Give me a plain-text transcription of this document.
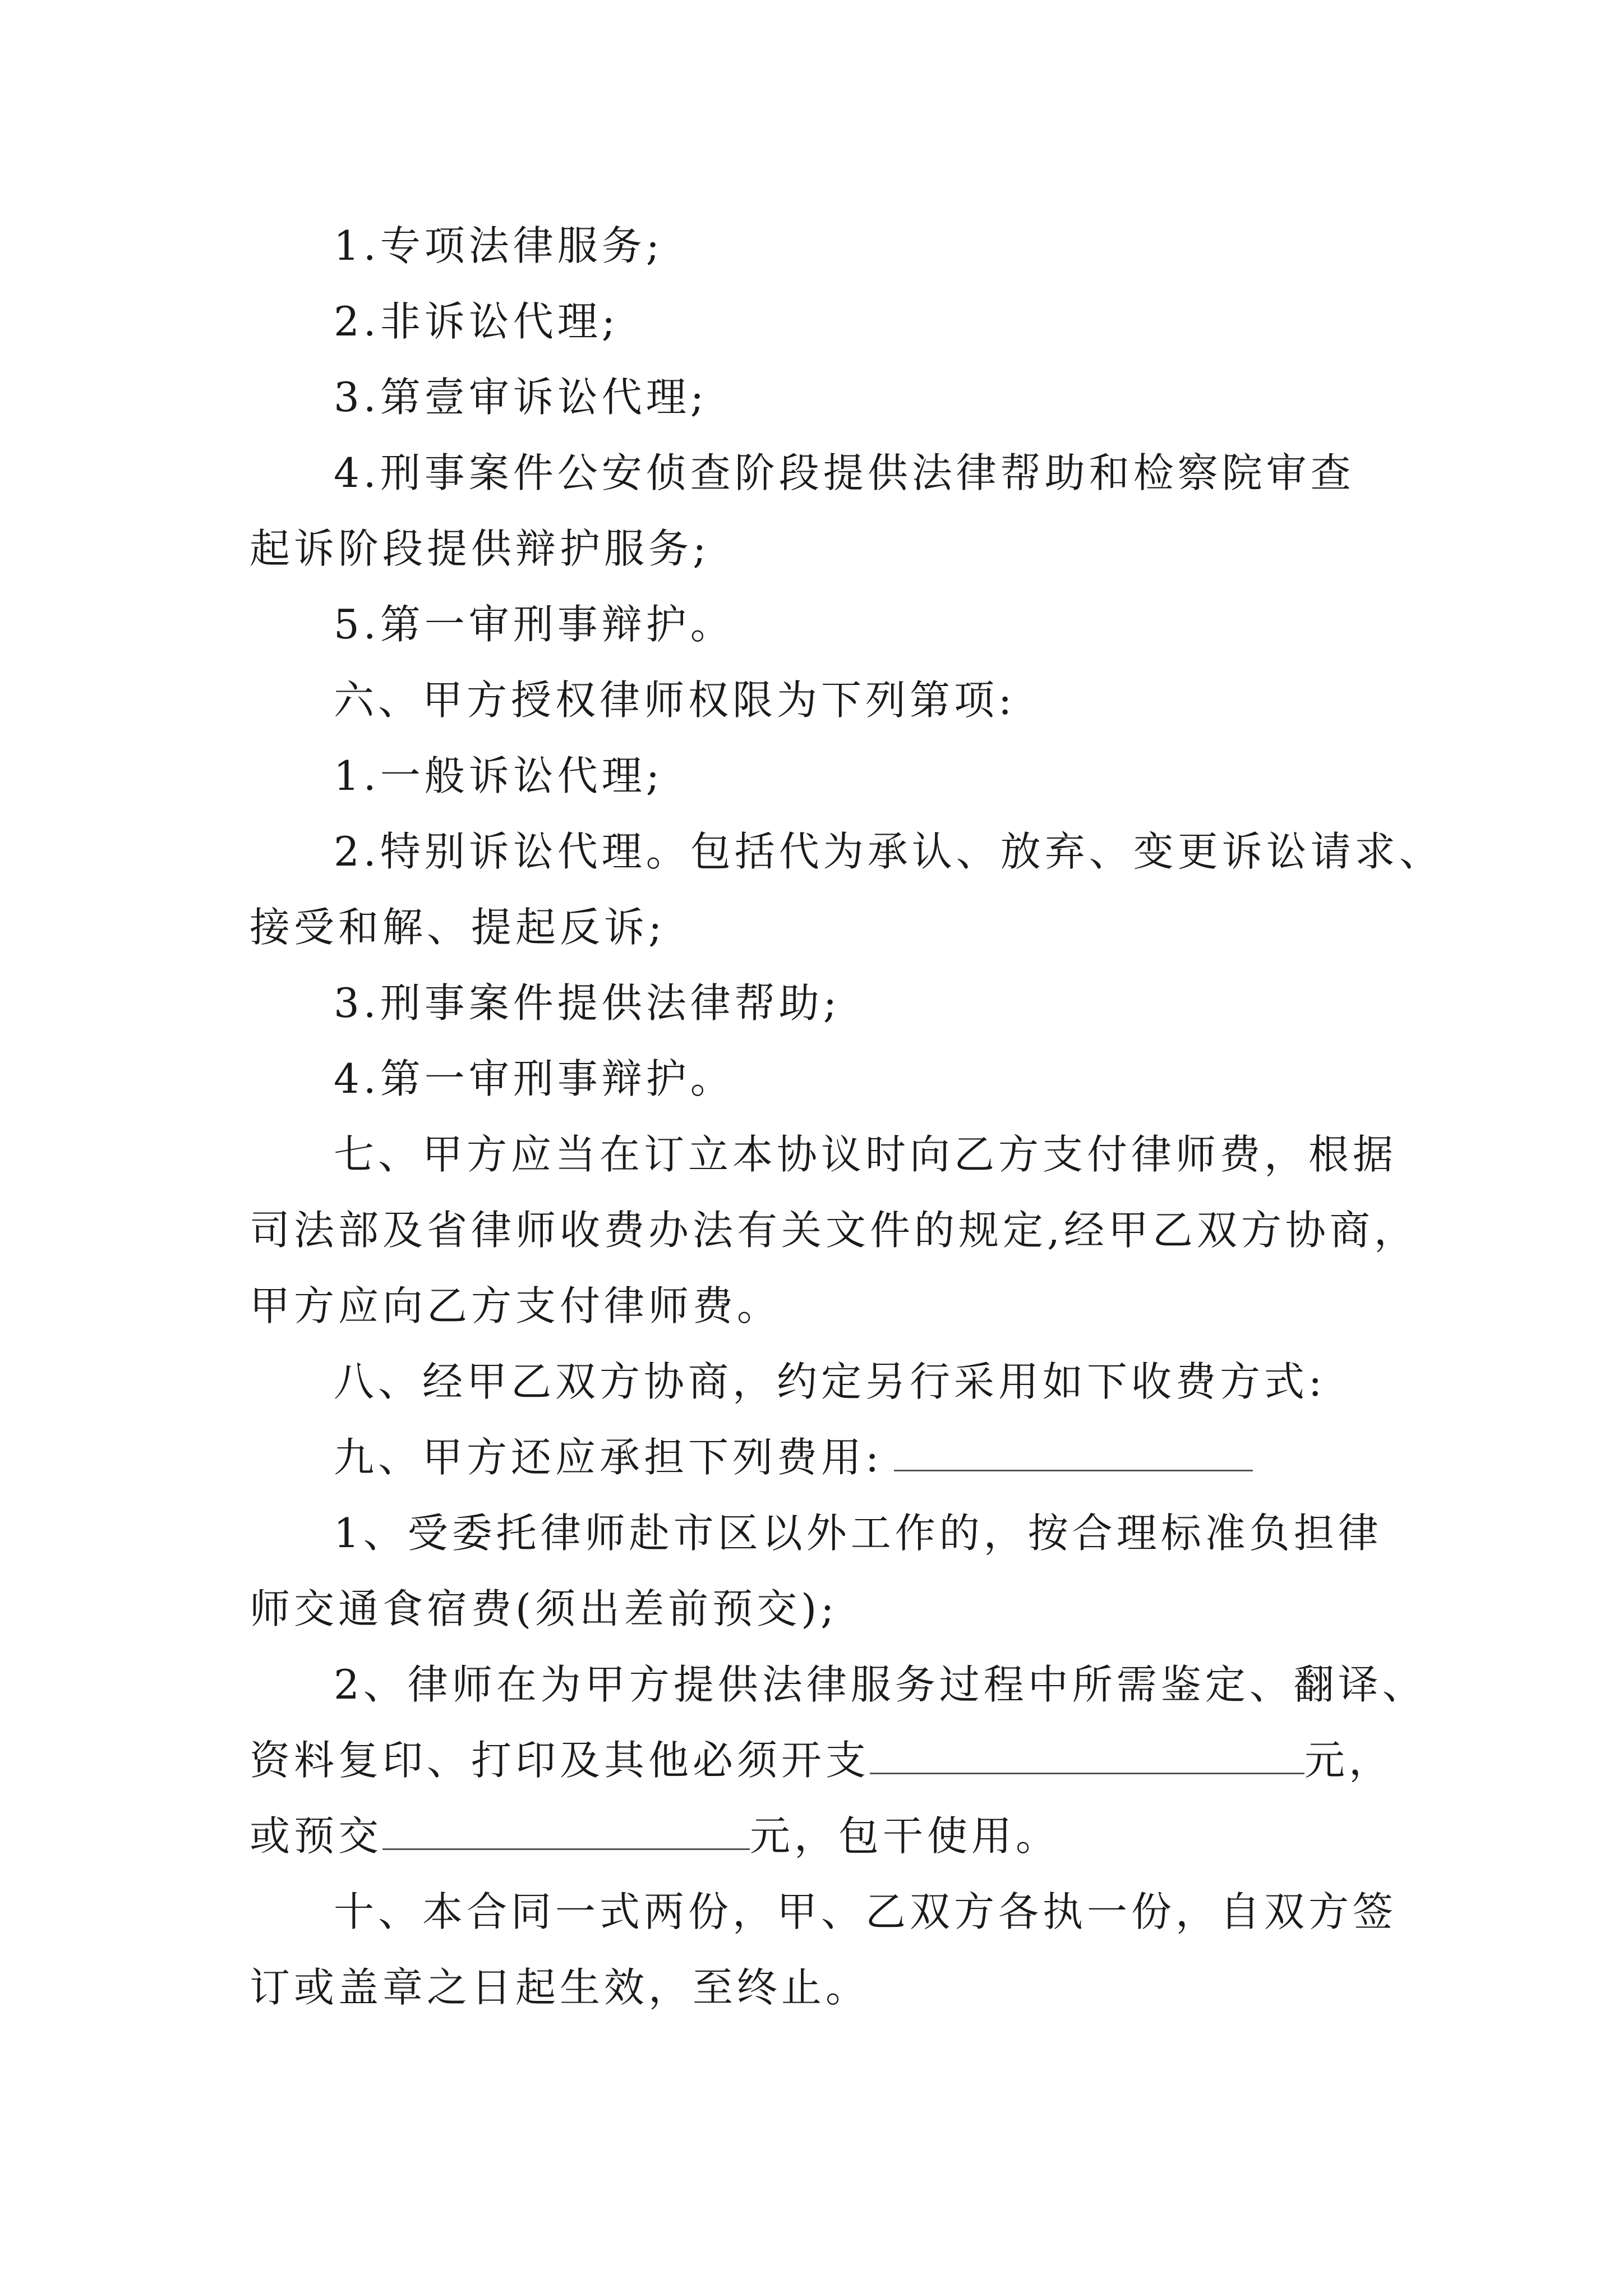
1.专项法律服务;
2.非诉讼代理;
3.第壹审诉讼代理;
4.刑事案件公安侦查阶段提供法律帮助和检察院审查
起诉阶段提供辩护服务;
5.第一审刑事辩护。
六、甲方授权律师权限为下列第项:
1.一般诉讼代理;
2.特别诉讼代理。包括代为承认、放弃、变更诉讼请求、
接受和解、提起反诉;
3.刑事案件提供法律帮助;
4.第一审刑事辩护。
七、甲方应当在订立本协议时向乙方支付律师费，根据
司法部及省律师收费办法有关文件的规定,经甲乙双方协商，
甲方应向乙方支付律师费。
八、经甲乙双方协商，约定另行采用如下收费方式:
九、甲方还应承担下列费用:
1、受委托律师赴市区以外工作的，按合理标准负担律
师交通食宿费(须出差前预交);
2、律师在为甲方提供法律服务过程中所需鉴定、翻译、
资料复印、打印及其他必须开支	元，
或预交	元，包干使用。
十、本合同一式两份，甲、乙双方各执一份，自双方签
订或盖章之日起生效，至终止。
